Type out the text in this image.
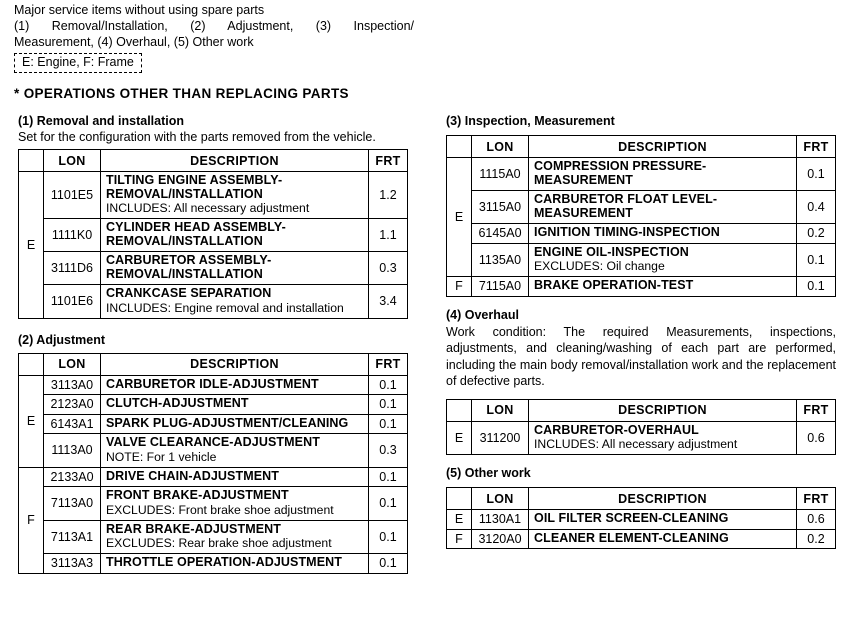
Major service items without using spare parts
(1) Removal/Installation, (2) Adjustment, (3) Inspection/
Measurement, (4) Overhaul, (5) Other work
E: Engine, F: Frame
* OPERATIONS OTHER THAN REPLACING PARTS
(1) Removal and installation
Set for the configuration with the parts removed from the vehicle.
	LON	DESCRIPTION	FRT
E	1101E5	TILTING ENGINE ASSEMBLY-REMOVAL/INSTALLATION
INCLUDES: All necessary adjustment	1.2
	1111K0	CYLINDER HEAD ASSEMBLY-REMOVAL/INSTALLATION	1.1
	3111D6	CARBURETOR ASSEMBLY-REMOVAL/INSTALLATION	0.3
	1101E6	CRANKCASE SEPARATION
INCLUDES: Engine removal and installation	3.4
(2) Adjustment
	LON	DESCRIPTION	FRT
E	3113A0	CARBURETOR IDLE-ADJUSTMENT	0.1
	2123A0	CLUTCH-ADJUSTMENT	0.1
	6143A1	SPARK PLUG-ADJUSTMENT/CLEANING	0.1
	1113A0	VALVE CLEARANCE-ADJUSTMENT
NOTE: For 1 vehicle	0.3
F	2133A0	DRIVE CHAIN-ADJUSTMENT	0.1
	7113A0	FRONT BRAKE-ADJUSTMENT
EXCLUDES: Front brake shoe adjustment	0.1
	7113A1	REAR BRAKE-ADJUSTMENT
EXCLUDES: Rear brake shoe adjustment	0.1
	3113A3	THROTTLE OPERATION-ADJUSTMENT	0.1
(3) Inspection, Measurement
	LON	DESCRIPTION	FRT
E	1115A0	COMPRESSION PRESSURE-MEASUREMENT	0.1
	3115A0	CARBURETOR FLOAT LEVEL-MEASUREMENT	0.4
	6145A0	IGNITION TIMING-INSPECTION	0.2
	1135A0	ENGINE OIL-INSPECTION
EXCLUDES: Oil change	0.1
F	7115A0	BRAKE OPERATION-TEST	0.1
(4) Overhaul
Work condition: The required Measurements, inspections, adjustments, and cleaning/washing of each part are performed, including the main body removal/installation work and the replacement of defective parts.
	LON	DESCRIPTION	FRT
E	311200	CARBURETOR-OVERHAUL
INCLUDES: All necessary adjustment	0.6
(5) Other work
	LON	DESCRIPTION	FRT
E	1130A1	OIL FILTER SCREEN-CLEANING	0.6
F	3120A0	CLEANER ELEMENT-CLEANING	0.2
